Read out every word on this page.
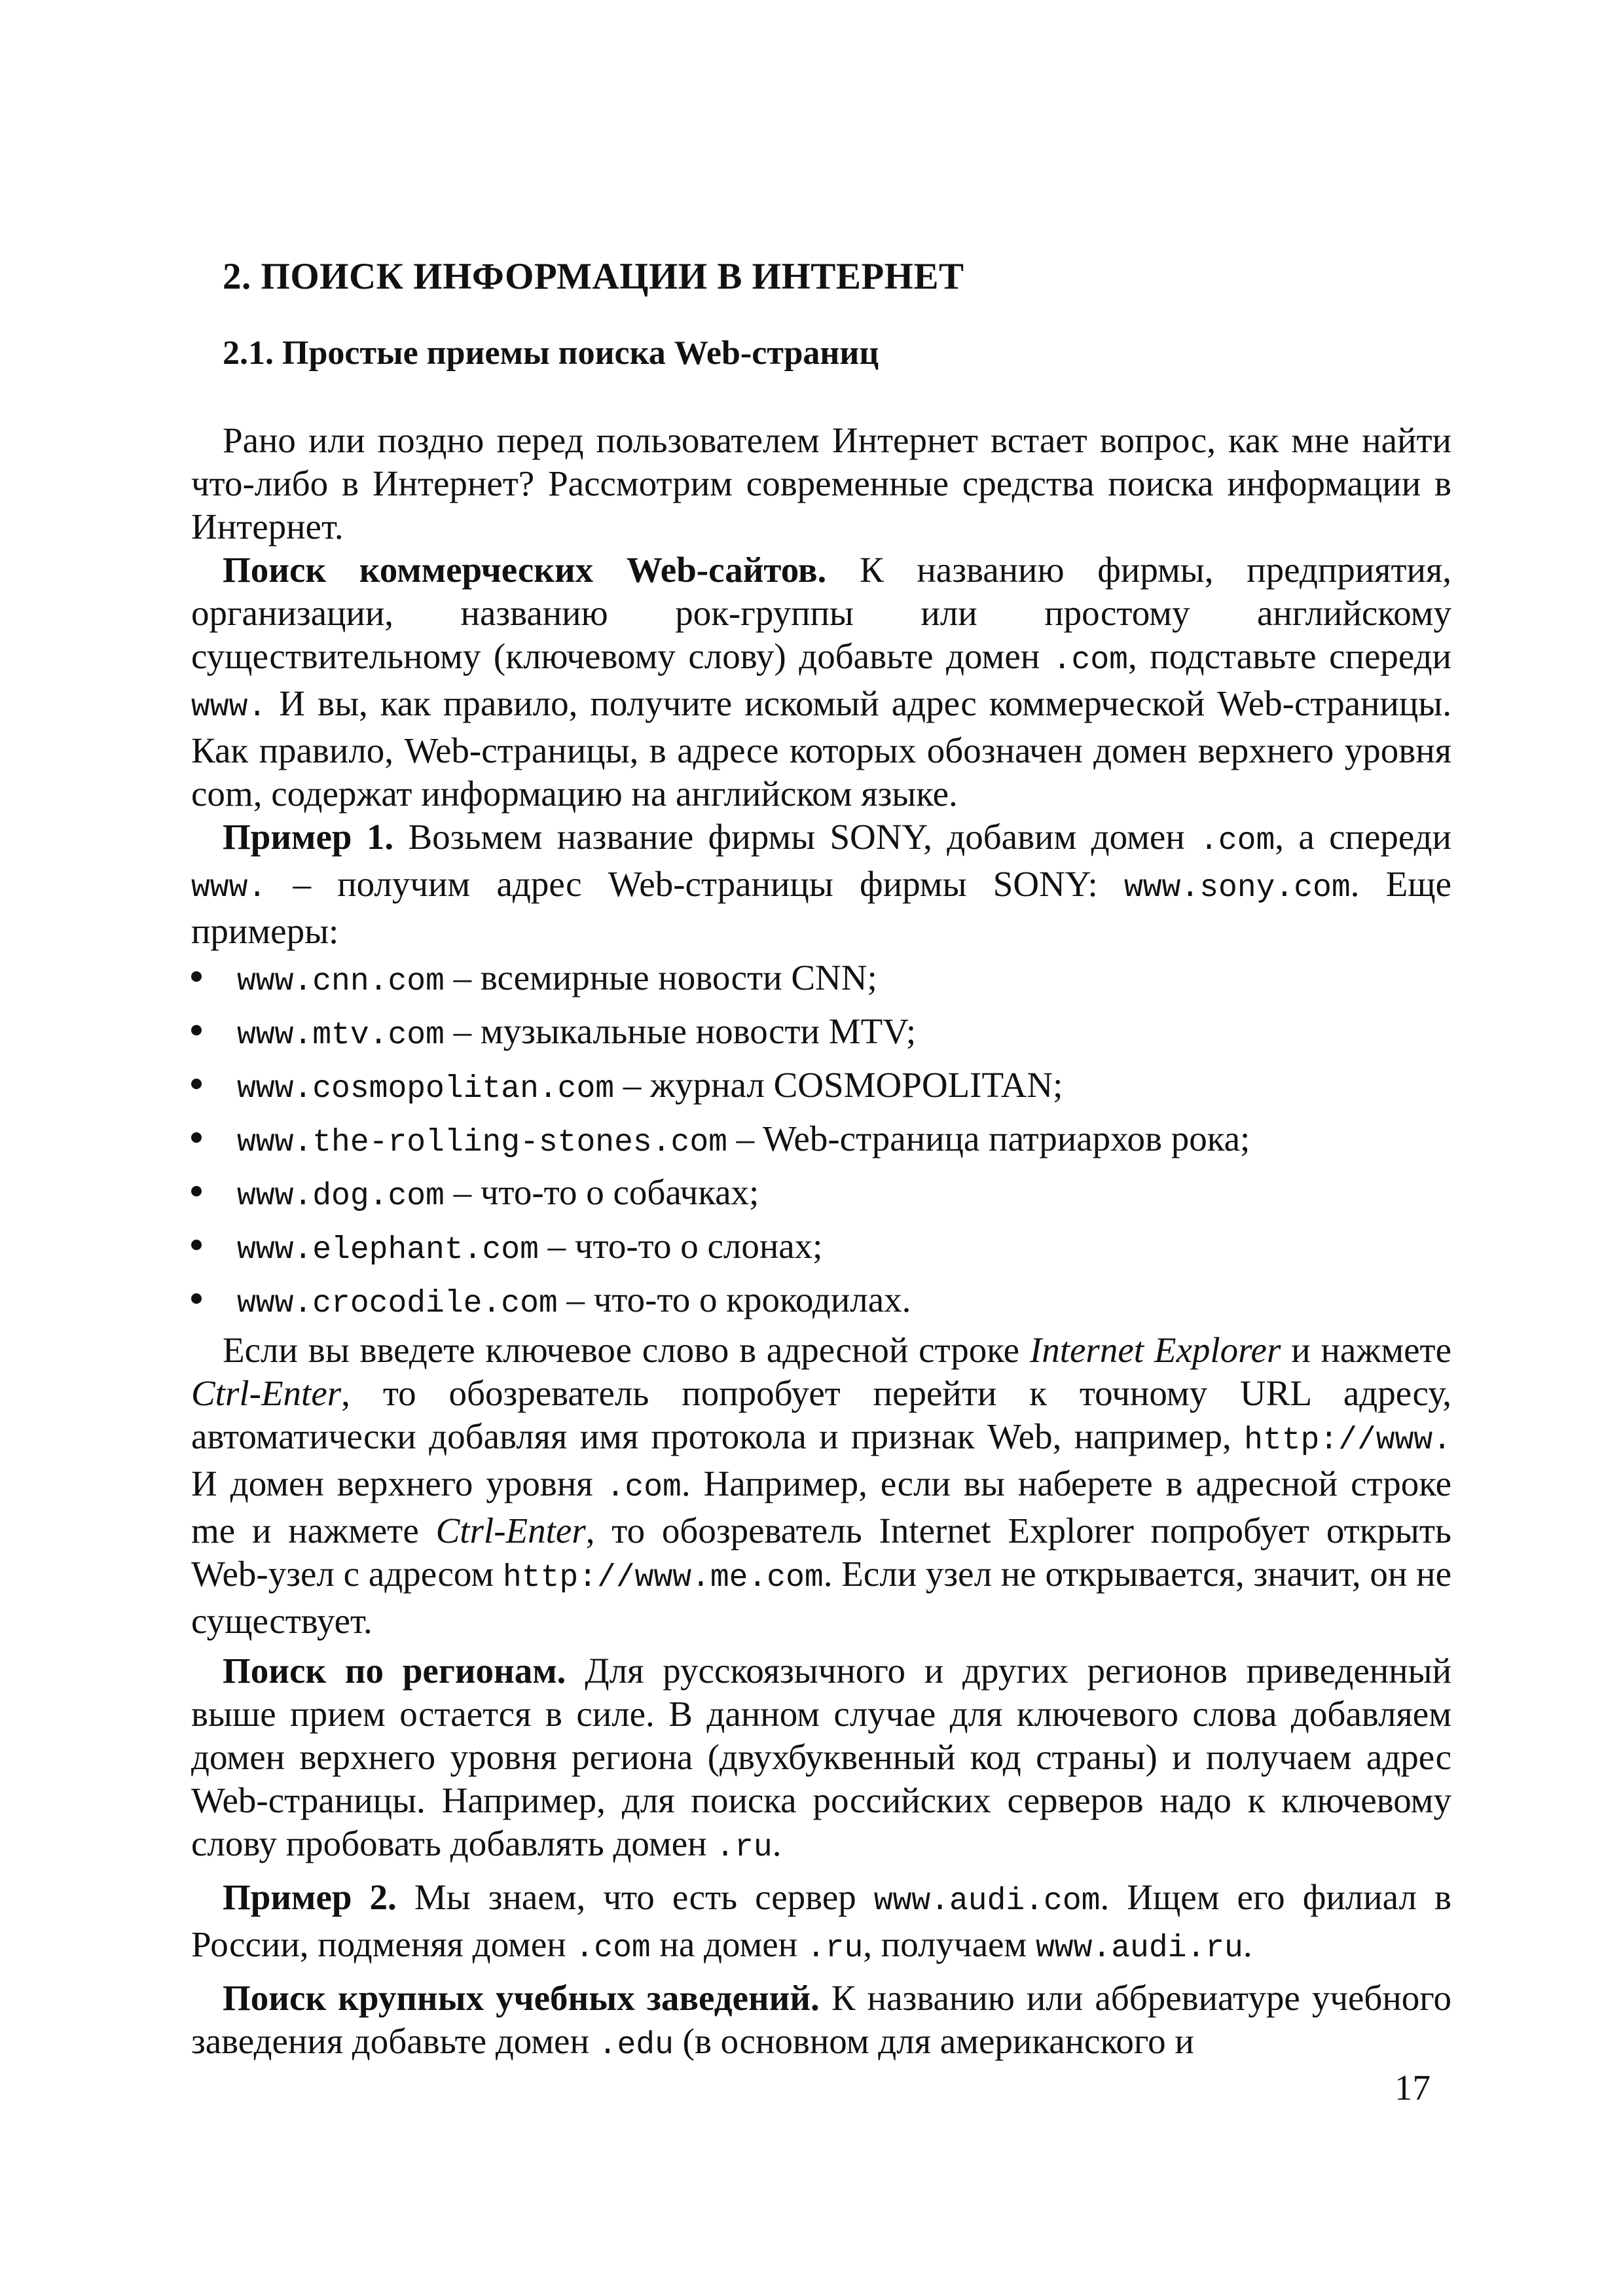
2. ПОИСК ИНФОРМАЦИИ В ИНТЕРНЕТ
2.1. Простые приемы поиска Web-страниц

Рано или поздно перед пользователем Интернет встает вопрос, как мне найти что-либо в Интернет? Рассмотрим современные средства поиска информации в Интернет.

Поиск коммерческих Web-сайтов. К названию фирмы, предприятия, организации, названию рок-группы или простому английскому существительному (ключевому слову) добавьте домен .com, подставьте спереди www. И вы, как правило, получите искомый адрес коммерческой Web-страницы. Как правило, Web-страницы, в адресе которых обозначен домен верхнего уровня com, содержат информацию на английском языке.

Пример 1. Возьмем название фирмы SONY, добавим домен .com, а спереди www. – получим адрес Web-страницы фирмы SONY: www.sony.com. Еще примеры:

www.cnn.com – всемирные новости CNN;
www.mtv.com – музыкальные новости MTV;
www.cosmopolitan.com – журнал COSMOPOLITAN;
www.the-rolling-stones.com – Web-страница патриархов рока;
www.dog.com – что-то о собачках;
www.elephant.com – что-то о слонах;
www.crocodile.com – что-то о крокодилах.

Если вы введете ключевое слово в адресной строке Internet Explorer и нажмете Ctrl-Enter, то обозреватель попробует перейти к точному URL адресу, автоматически добавляя имя протокола и признак Web, например, http://www. И домен верхнего уровня .com. Например, если вы наберете в адресной строке me и нажмете Ctrl-Enter, то обозреватель Internet Explorer попробует открыть Web-узел с адресом http://www.me.com. Если узел не открывается, значит, он не существует.

Поиск по регионам. Для русскоязычного и других регионов приведенный выше прием остается в силе. В данном случае для ключевого слова добавляем домен верхнего уровня региона (двухбуквенный код страны) и получаем адрес Web-страницы. Например, для поиска российских серверов надо к ключевому слову пробовать добавлять домен .ru.

Пример 2. Мы знаем, что есть сервер www.audi.com. Ищем его филиал в России, подменяя домен .com на домен .ru, получаем www.audi.ru.

Поиск крупных учебных заведений. К названию или аббревиатуре учебного заведения добавьте домен .edu (в основном для американского и

17
